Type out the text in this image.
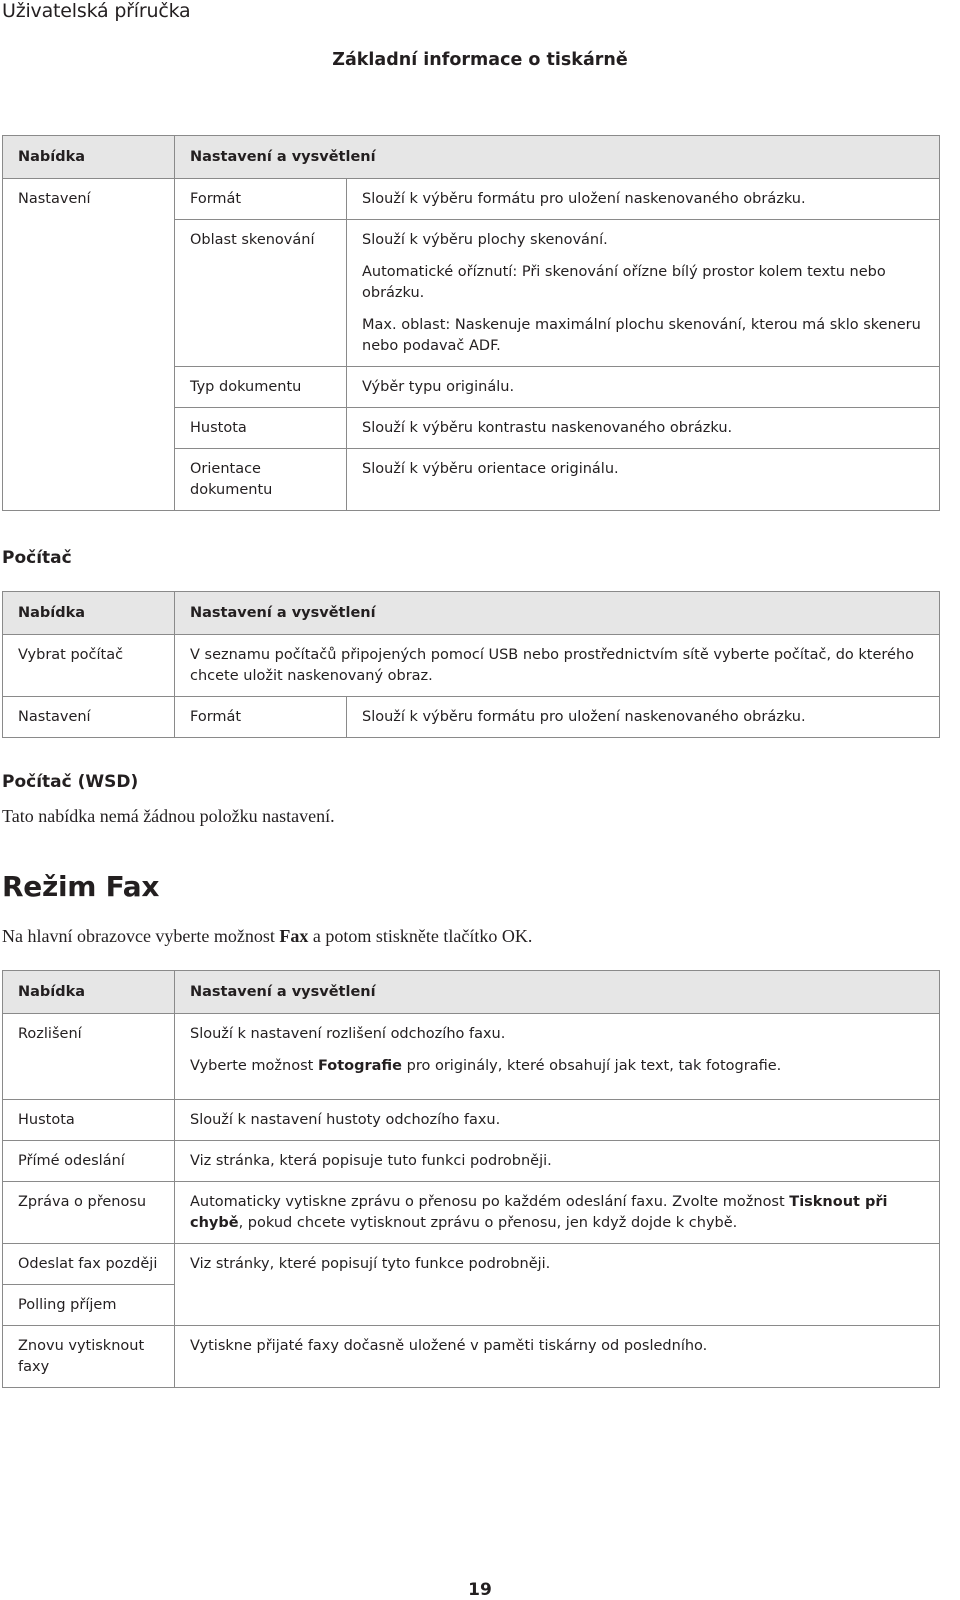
Uživatelská příručka
Základní informace o tiskárně
Nabídka	Nastavení a vysvětlení	
Nastavení	Formát	Slouží k výběru formátu pro uložení naskenovaného obrázku.
	Oblast skenování	Slouží k výběru plochy skenování.
Automatické oříznutí: Při skenování ořízne bílý prostor kolem textu nebo obrázku.
Max. oblast: Naskenuje maximální plochu skenování, kterou má sklo skeneru nebo podavač ADF.

	Typ dokumentu	Výběr typu originálu.
	Hustota	Slouží k výběru kontrastu naskenovaného obrázku.
	Orientace dokumentu	Slouží k výběru orientace originálu.
Počítač
Nabídka	Nastavení a vysvětlení	
Vybrat počítač	V seznamu počítačů připojených pomocí USB nebo prostřednictvím sítě vyberte počítač, do kterého chcete uložit naskenovaný obraz.	
Nastavení	Formát	Slouží k výběru formátu pro uložení naskenovaného obrázku.
Počítač (WSD)
Tato nabídka nemá žádnou položku nastavení.
Režim Fax
Na hlavní obrazovce vyberte možnost Fax a potom stiskněte tlačítko OK.
Nabídka	Nastavení a vysvětlení
Rozlišení	Slouží k nastavení rozlišení odchozího faxu.
Vyberte možnost Fotografie pro originály, které obsahují jak text, tak fotografie.

Hustota	Slouží k nastavení hustoty odchozího faxu.
Přímé odeslání	Viz stránka, která popisuje tuto funkci podrobněji.
Zpráva o přenosu	Automaticky vytiskne zprávu o přenosu po každém odeslání faxu. Zvolte možnost Tisknout při chybě, pokud chcete vytisknout zprávu o přenosu, jen když dojde k chybě.
Odeslat fax později	Viz stránky, které popisují tyto funkce podrobněji.
Polling příjem	
Znovu vytisknout faxy	Vytiskne přijaté faxy dočasně uložené v paměti tiskárny od posledního.
19
